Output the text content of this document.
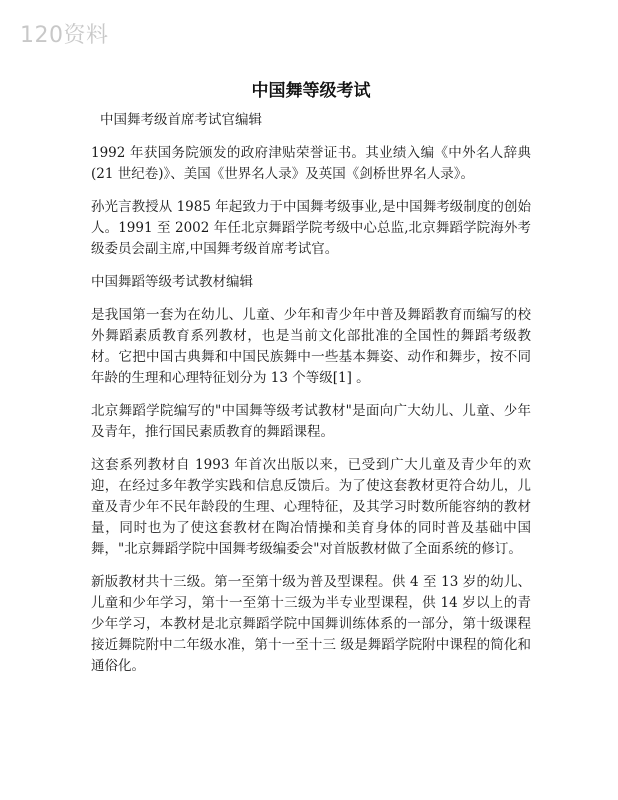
120资料
中国舞等级考试

中国舞考级首席考试官编辑

1992 年获国务院颁发的政府津贴荣誉证书。其业绩入编《中外名人辞典(21 世纪卷)》、美国《世界名人录》及英国《剑桥世界名人录》。

孙光言教授从 1985 年起致力于中国舞考级事业,是中国舞考级制度的创始人。1991 至 2002 年任北京舞蹈学院考级中心总监,北京舞蹈学院海外考级委员会副主席,中国舞考级首席考试官。

中国舞蹈等级考试教材编辑

是我国第一套为在幼儿、儿童、少年和青少年中普及舞蹈教育而编写的校外舞蹈素质教育系列教材，也是当前文化部批准的全国性的舞蹈考级教材。它把中国古典舞和中国民族舞中一些基本舞姿、动作和舞步，按不同年龄的生理和心理特征划分为 13 个等级[1] 。

北京舞蹈学院编写的"中国舞等级考试教材"是面向广大幼儿、儿童、少年及青年，推行国民素质教育的舞蹈课程。

这套系列教材自 1993 年首次出版以来，已受到广大儿童及青少年的欢迎，在经过多年教学实践和信息反馈后。为了使这套教材更符合幼儿，儿童及青少年不民年龄段的生理、心理特征，及其学习时数所能容纳的教材量，同时也为了使这套教材在陶冶情操和美育身体的同时普及基础中国舞，"北京舞蹈学院中国舞考级编委会"对首版教材做了全面系统的修订。

新版教材共十三级。第一至第十级为普及型课程。供 4 至 13 岁的幼儿、儿童和少年学习，第十一至第十三级为半专业型课程，供 14 岁以上的青少年学习，本教材是北京舞蹈学院中国舞训练体系的一部分，第十级课程接近舞院附中二年级水准，第十一至十三 级是舞蹈学院附中课程的简化和通俗化。
